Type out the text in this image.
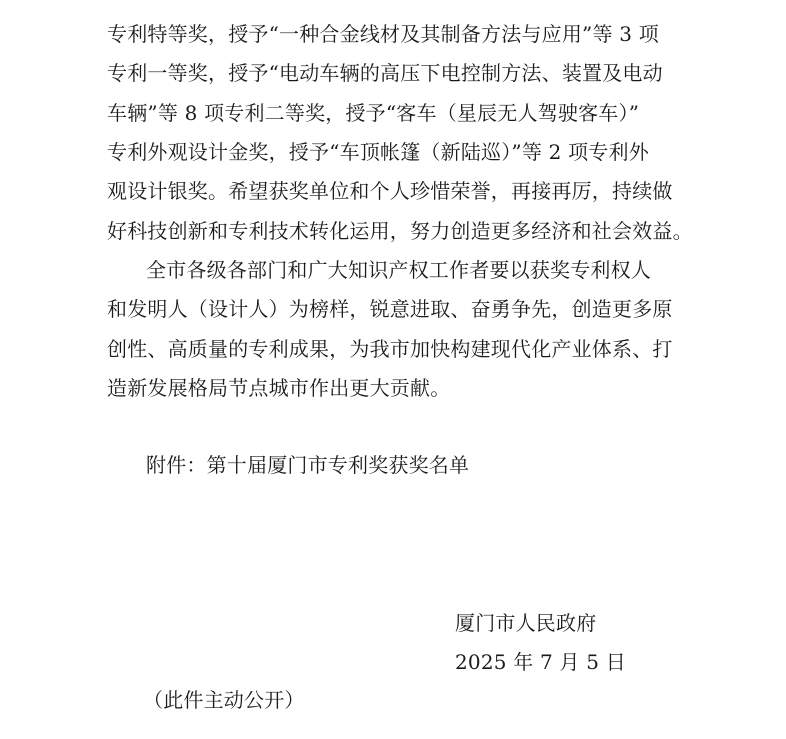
专利特等奖，授予“一种合金线材及其制备方法与应用”等 3 项
专利一等奖，授予“电动车辆的高压下电控制方法、装置及电动
车辆”等 8 项专利二等奖，授予“客车（星辰无人驾驶客车）”
专利外观设计金奖，授予“车顶帐篷（新陆巡）”等 2 项专利外
观设计银奖。希望获奖单位和个人珍惜荣誉，再接再厉，持续做
好科技创新和专利技术转化运用，努力创造更多经济和社会效益。
全市各级各部门和广大知识产权工作者要以获奖专利权人
和发明人（设计人）为榜样，锐意进取、奋勇争先，创造更多原
创性、高质量的专利成果，为我市加快构建现代化产业体系、打
造新发展格局节点城市作出更大贡献。
附件：第十届厦门市专利奖获奖名单
厦门市人民政府
2025 年 7 月 5 日
（此件主动公开）
